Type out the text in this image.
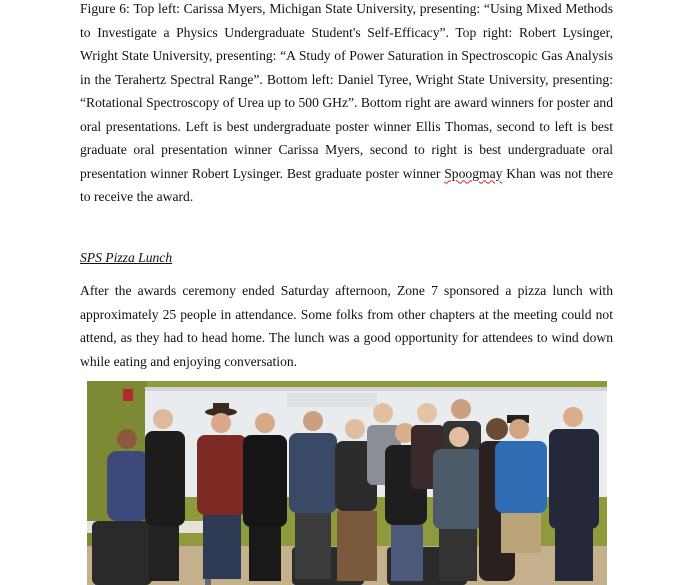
Figure 6: Top left: Carissa Myers, Michigan State University, presenting: “Using Mixed Methods to Investigate a Physics Undergraduate Student's Self-Efficacy”. Top right: Robert Lysinger, Wright State University, presenting: “A Study of Power Saturation in Spectroscopic Gas Analysis in the Terahertz Spectral Range”. Bottom left: Daniel Tyree, Wright State University, presenting: “Rotational Spectroscopy of Urea up to 500 GHz”. Bottom right are award winners for poster and oral presentations. Left is best undergraduate poster winner Ellis Thomas, second to left is best graduate oral presentation winner Carissa Myers, second to right is best undergraduate oral presentation winner Robert Lysinger. Best graduate poster winner Spoogmay Khan was not there to receive the award.

SPS Pizza Lunch

After the awards ceremony ended Saturday afternoon, Zone 7 sponsored a pizza lunch with approximately 25 people in attendance. Some folks from other chapters at the meeting could not attend, as they had to head home. The lunch was a good opportunity for attendees to wind down while eating and enjoying conversation.
